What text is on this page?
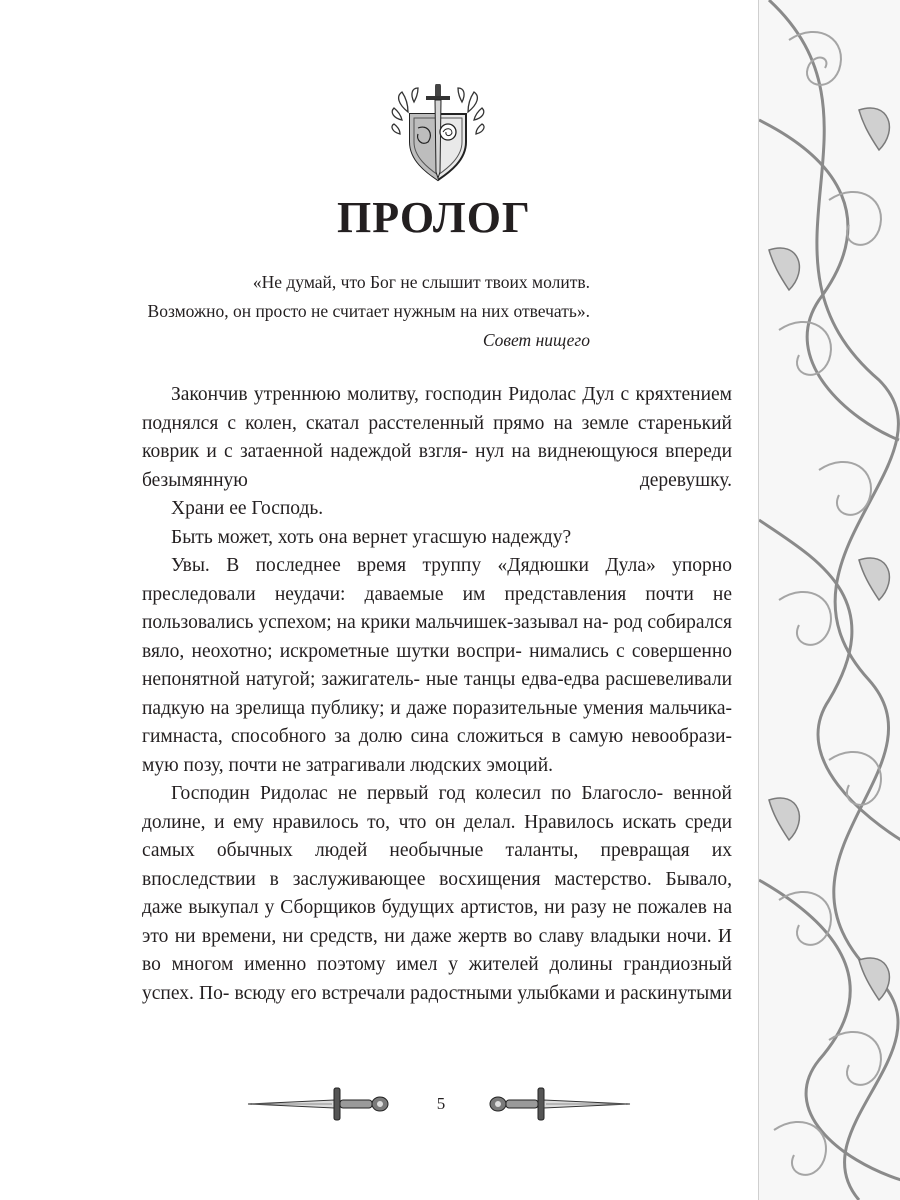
ПРОЛОГ
«Не думай, что Бог не слышит твоих молитв.
Возможно, он просто не считает нужным на них отвечать».
Совет нищего

Закончив утреннюю молитву, господин Ридолас Дул с кряхтением поднялся с колен, скатал расстеленный прямо на земле старенький коврик и с затаенной надеждой взгля- нул на виднеющуюся впереди безымянную деревушку.

Храни ее Господь.

Быть может, хоть она вернет угасшую надежду?

Увы. В последнее время труппу «Дядюшки Дула» упорно преследовали неудачи: даваемые им представления почти не пользовались успехом; на крики мальчишек-зазывал на- род собирался вяло, неохотно; искрометные шутки воспри- нимались с совершенно непонятной натугой; зажигатель- ные танцы едва-едва расшевеливали падкую на зрелища публику; и даже поразительные умения мальчика-гимнаста, способного за долю сина сложиться в самую невообрази- мую позу, почти не затрагивали людских эмоций.

Господин Ридолас не первый год колесил по Благосло- венной долине, и ему нравилось то, что он делал. Нравилось искать среди самых обычных людей необычные таланты, превращая их впоследствии в заслуживающее восхищения мастерство. Бывало, даже выкупал у Сборщиков будущих артистов, ни разу не пожалев на это ни времени, ни средств, ни даже жертв во славу владыки ночи. И во многом именно поэтому имел у жителей долины грандиозный успех. По- всюду его встречали радостными улыбками и раскинутыми

5
